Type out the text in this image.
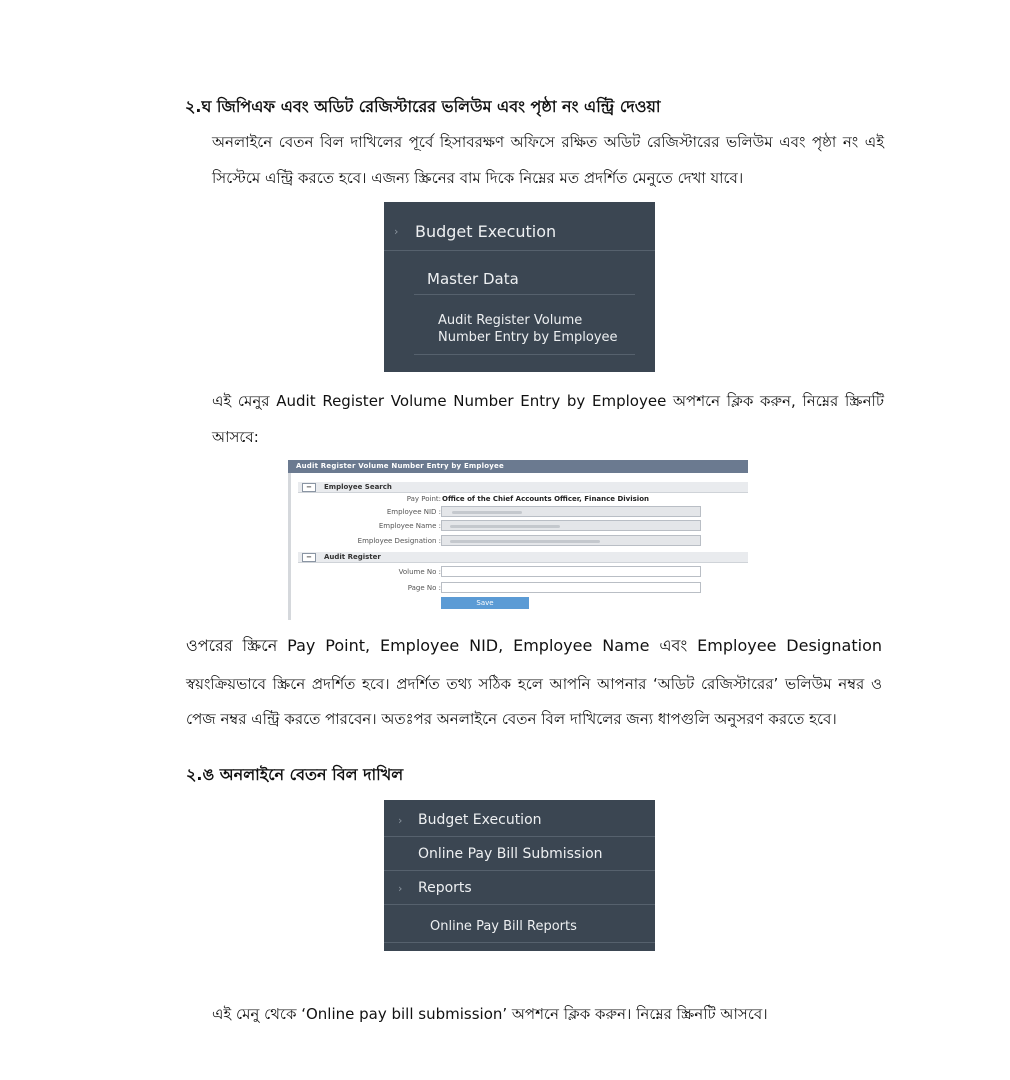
২.ঘ জিপিএফ এবং অডিট রেজিস্টারের ভলিউম এবং পৃষ্ঠা নং এন্ট্রি দেওয়া
অনলাইনে বেতন বিল দাখিলের পূর্বে হিসাবরক্ষণ অফিসে রক্ষিত অডিট রেজিস্টারের ভলিউম এবং পৃষ্ঠা নং এই
সিস্টেমে এন্ট্রি করতে হবে। এজন্য স্ক্রিনের বাম দিকে নিম্নের মত প্রদর্শিত মেনুতে দেখা যাবে।
› Budget Execution
Master Data
Audit Register Volume
Number Entry by Employee
এই মেনুর Audit Register Volume Number Entry by Employee অপশনে ক্লিক করুন, নিম্নের স্ক্রিনটি
আসবে:
Audit Register Volume Number Entry by Employee
− Employee Search
Pay Point: Office of the Chief Accounts Officer, Finance Division
Employee NID :
Employee Name :
Employee Designation :
− Audit Register
Volume No :
Page No :
Save
ওপরের স্ক্রিনে Pay Point, Employee NID, Employee Name এবং Employee Designation
স্বয়ংক্রিয়ভাবে স্ক্রিনে প্রদর্শিত হবে। প্রদর্শিত তথ্য সঠিক হলে আপনি আপনার ‘অডিট রেজিস্টারের’ ভলিউম নম্বর ও
পেজ নম্বর এন্ট্রি করতে পারবেন। অতঃপর অনলাইনে বেতন বিল দাখিলের জন্য ধাপগুলি অনুসরণ করতে হবে।
২.ঙ অনলাইনে বেতন বিল দাখিল
› Budget Execution
Online Pay Bill Submission
› Reports
Online Pay Bill Reports
এই মেনু থেকে ‘Online pay bill submission’ অপশনে ক্লিক করুন। নিম্নের স্ক্রিনটি আসবে।
